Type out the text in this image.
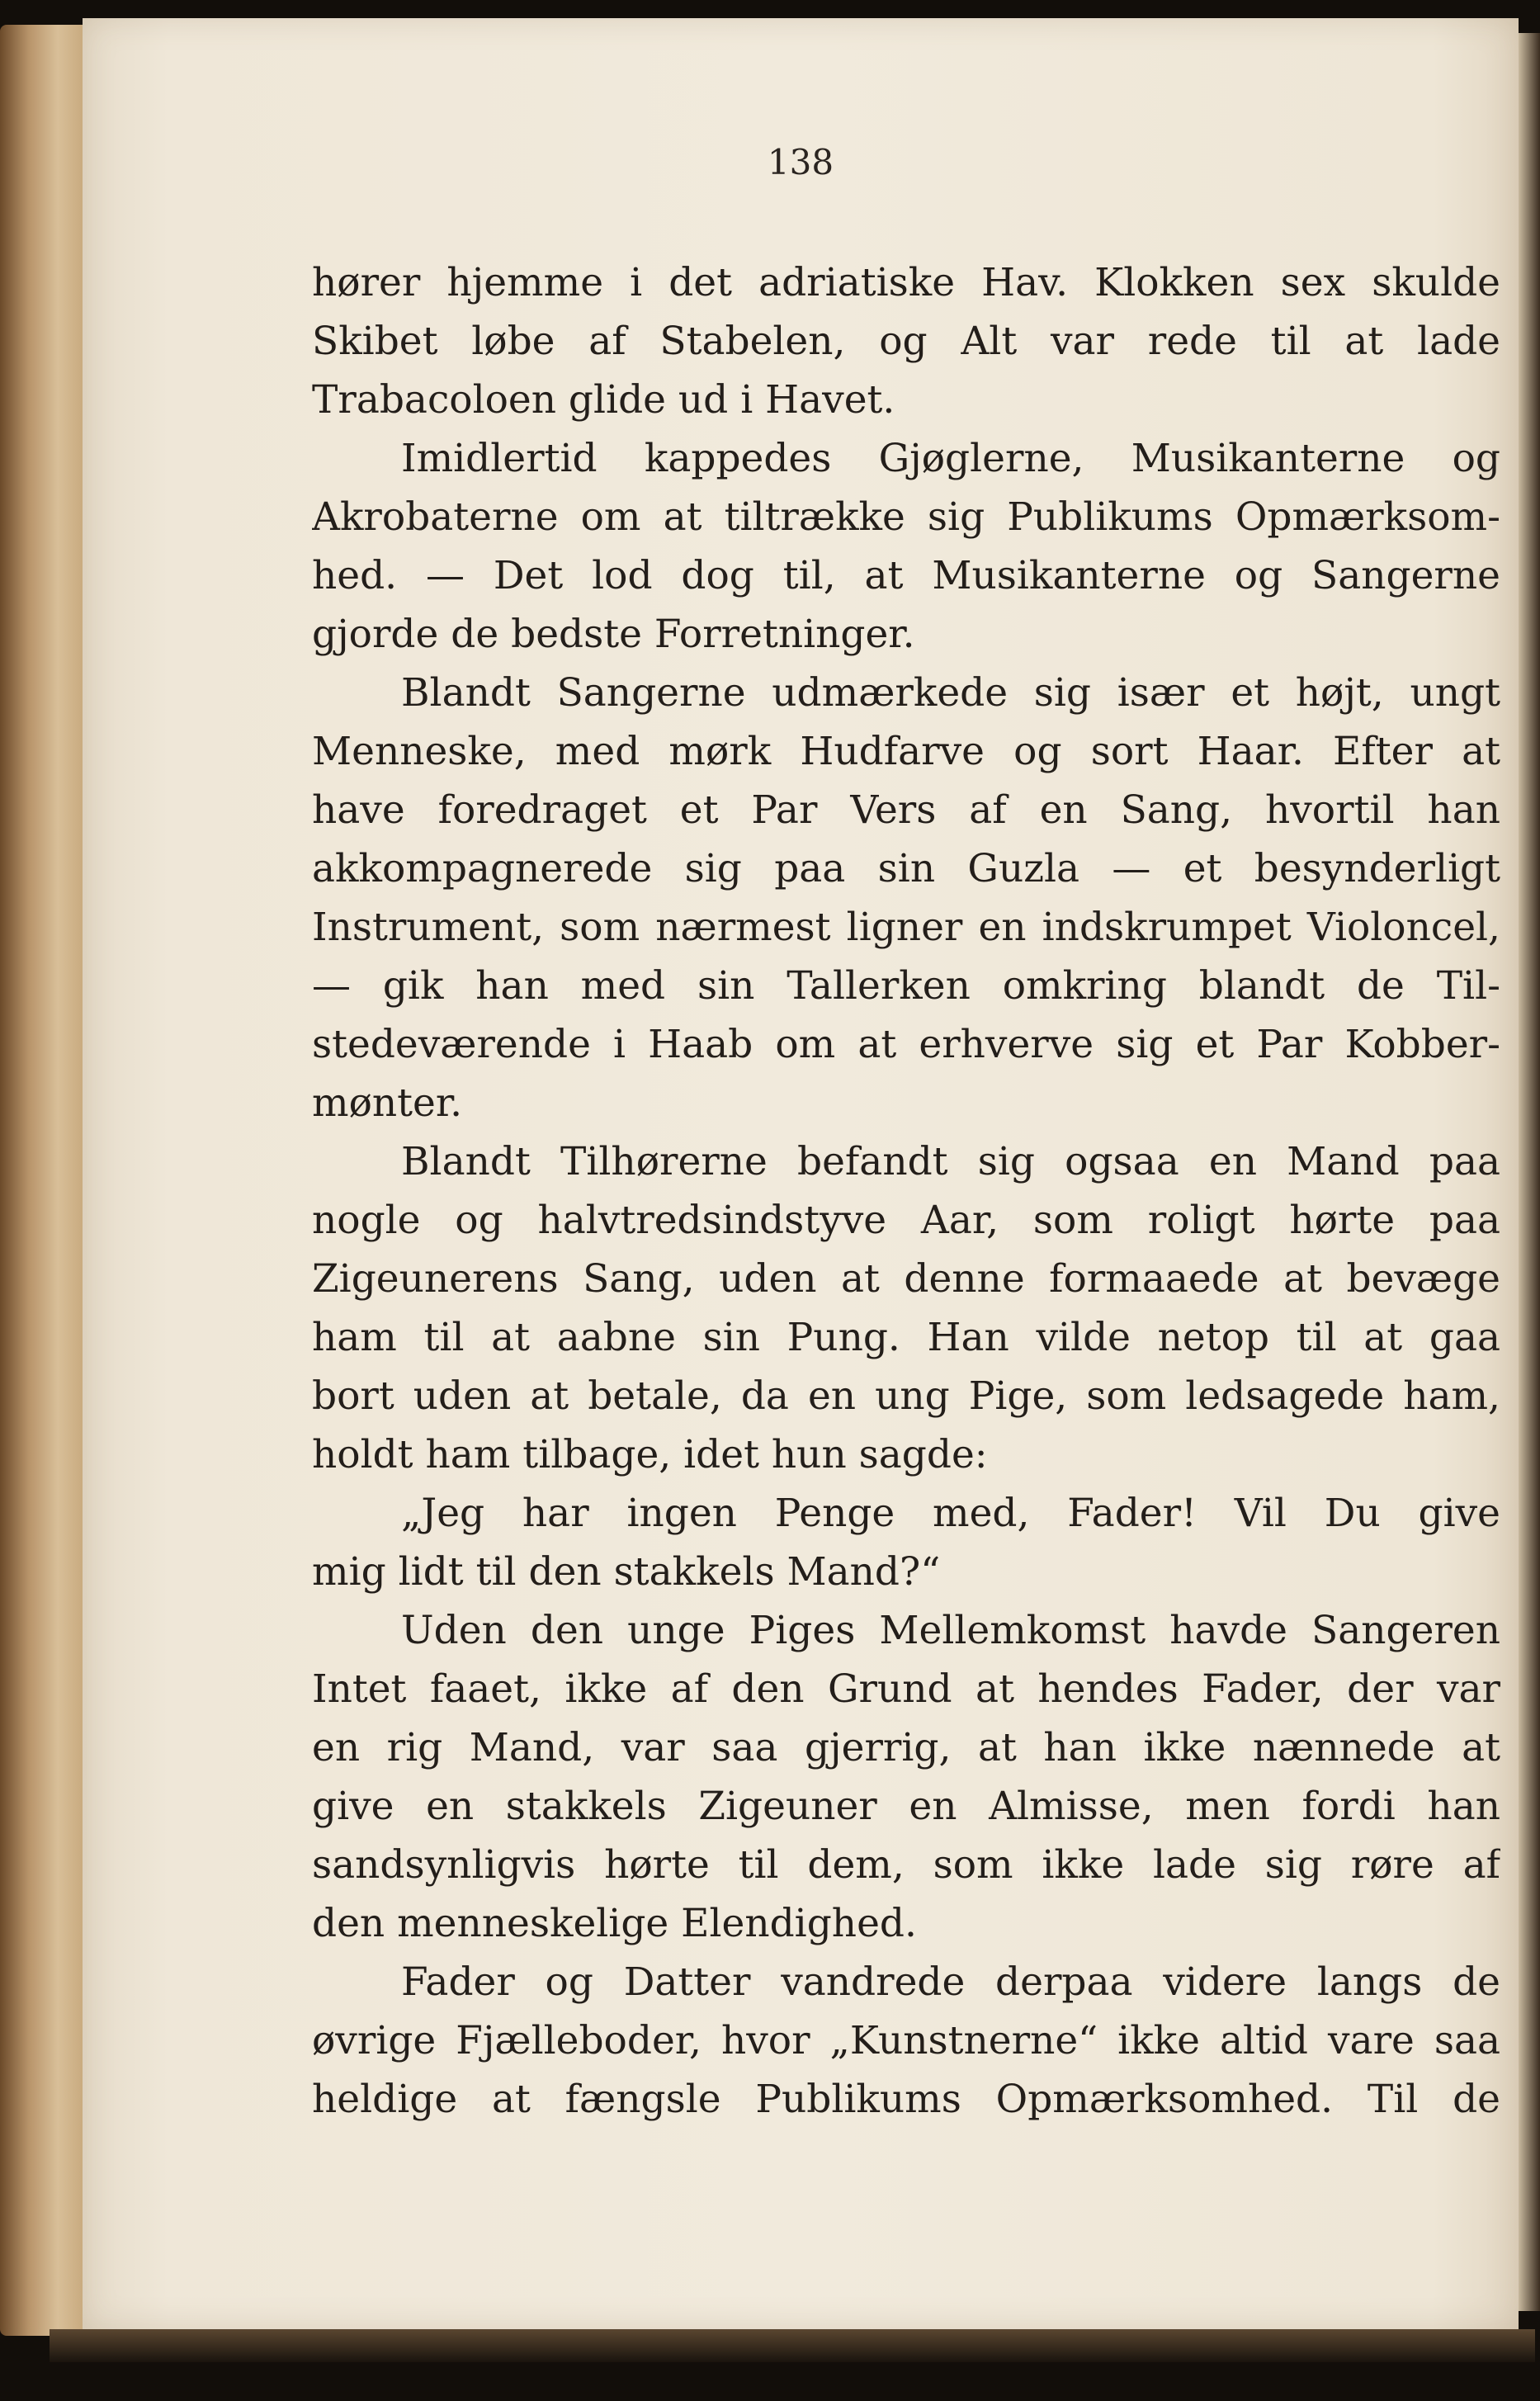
138
hører hjemme i det adriatiske Hav. Klokken sex skulde
Skibet løbe af Stabelen, og Alt var rede til at lade
Trabacoloen glide ud i Havet.
Imidlertid kappedes Gjøglerne, Musikanterne og
Akrobaterne om at tiltrække sig Publikums Opmærksom-
hed. — Det lod dog til, at Musikanterne og Sangerne
gjorde de bedste Forretninger.
Blandt Sangerne udmærkede sig især et højt, ungt
Menneske, med mørk Hudfarve og sort Haar. Efter at
have foredraget et Par Vers af en Sang, hvortil han
akkompagnerede sig paa sin Guzla — et besynderligt
Instrument, som nærmest ligner en indskrumpet Violoncel,
— gik han med sin Tallerken omkring blandt de Til-
stedeværende i Haab om at erhverve sig et Par Kobber-
mønter.
Blandt Tilhørerne befandt sig ogsaa en Mand paa
nogle og halvtredsindstyve Aar, som roligt hørte paa
Zigeunerens Sang, uden at denne formaaede at bevæge
ham til at aabne sin Pung. Han vilde netop til at gaa
bort uden at betale, da en ung Pige, som ledsagede ham,
holdt ham tilbage, idet hun sagde:
„Jeg har ingen Penge med, Fader! Vil Du give
mig lidt til den stakkels Mand?“
Uden den unge Piges Mellemkomst havde Sangeren
Intet faaet, ikke af den Grund at hendes Fader, der var
en rig Mand, var saa gjerrig, at han ikke nænnede at
give en stakkels Zigeuner en Almisse, men fordi han
sandsynligvis hørte til dem, som ikke lade sig røre af
den menneskelige Elendighed.
Fader og Datter vandrede derpaa videre langs de
øvrige Fjælleboder, hvor „Kunstnerne“ ikke altid vare saa
heldige at fængsle Publikums Opmærksomhed. Til de
